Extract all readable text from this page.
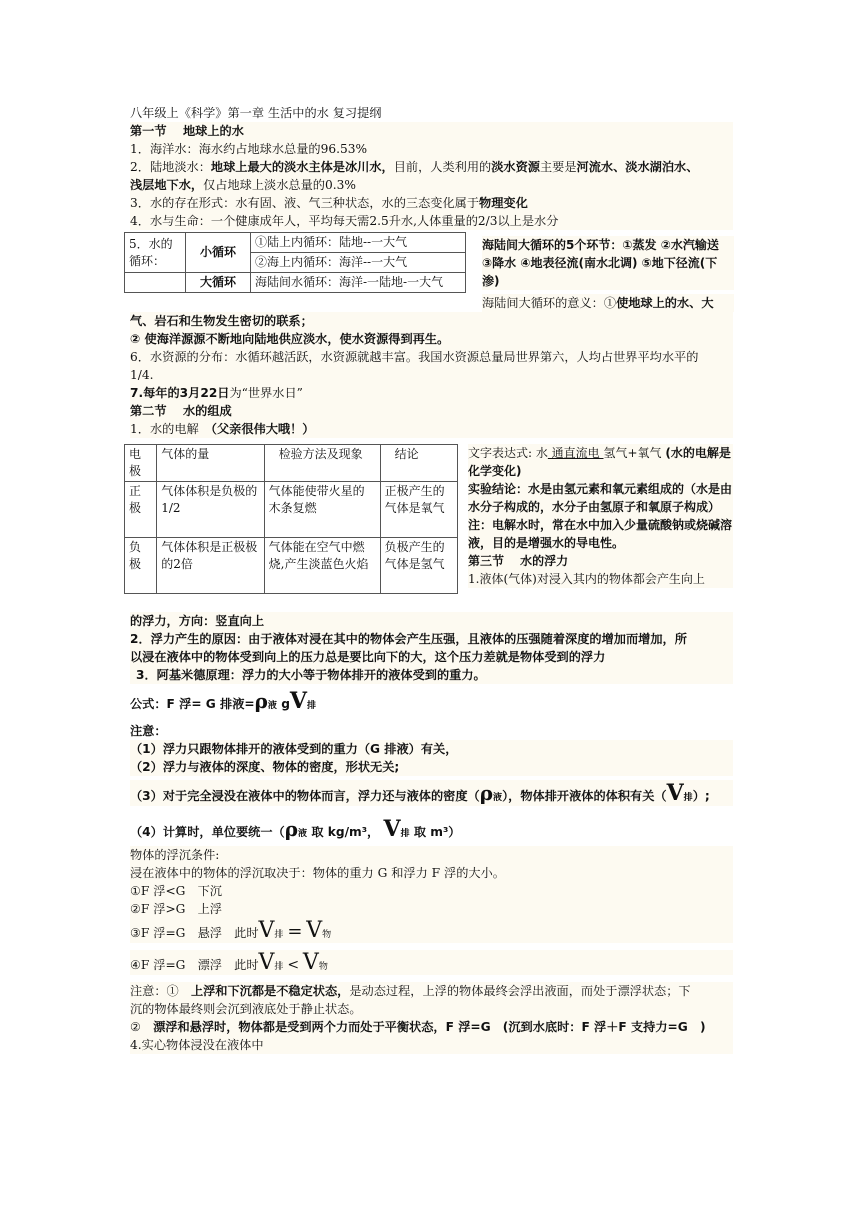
八年级上《科学》第一章 生活中的水 复习提纲
第一节　 地球上的水
1．海洋水：海水约占地球水总量的96.53%
2．陆地淡水：地球上最大的淡水主体是冰川水，目前，人类利用的淡水资源主要是河流水、淡水湖泊水、
浅层地下水，仅占地球上淡水总量的0.3%
3．水的存在形式：水有固、液、气三种状态，水的三态变化属于物理变化
4．水与生命：一个健康成年人，平均每天需2.5升水,人体重量的2/3以上是水分
5．水的循环：	小循环	①陆上内循环：陆地--一大气
		②海上内循环：海洋--一大气
	大循环	海陆间水循环：海洋-一陆地-一大气
海陆间大循环的5个环节：①蒸发 ②水汽输送　 ③降水 ④地表径流(南水北调) ⑤地下径流(下渗)
海陆间大循环的意义：①使地球上的水、大
气、岩石和生物发生密切的联系；
② 使海洋源源不断地向陆地供应淡水，使水资源得到再生。
6．水资源的分布：水循环越活跃，水资源就越丰富。我国水资源总量局世界第六，人均占世界平均水平的
1/4.
7.每年的3月22日为“世界水日”
第二节　 水的组成
1．水的电解　（父亲很伟大哦！）
电极	气体的量	检验方法及现象	结论
正极	气体体积是负极的1/2	气体能使带火星的木条复燃	正极产生的气体是氧气
负极	气体体积是正极极的2倍	气体能在空气中燃烧,产生淡蓝色火焰	负极产生的气体是氢气
文字表达式: 水 通直流电 氢气+氧气 (水的电解是化学变化)
实验结论：水是由氢元素和氧元素组成的（水是由水分子构成的，水分子由氢原子和氧原子构成）
注：电解水时，常在水中加入少量硫酸钠或烧碱溶液，目的是增强水的导电性。
第三节　 水的浮力
1.液体(气体)对浸入其内的物体都会产生向上
的浮力，方向：竖直向上
2．浮力产生的原因：由于液体对浸在其中的物体会产生压强，且液体的压强随着深度的增加而增加，所
以浸在液体中的物体受到向上的压力总是要比向下的大，这个压力差就是物体受到的浮力
3．阿基米德原理：浮力的大小等于物体排开的液体受到的重力。
公式：F 浮= G 排液=ρ液 gV排
注意：
（1）浮力只跟物体排开的液体受到的重力（G 排液）有关，
（2）浮力与液体的深度、物体的密度，形状无关;
（3）对于完全浸没在液体中的物体而言，浮力还与液体的密度（ρ液），物体排开液体的体积有关（V排）;
（4）计算时，单位要统一（ρ液 取 kg/m³， V排 取 m³）
物体的浮沉条件:
浸在液体中的物体的浮沉取决于：物体的重力 G 和浮力 F 浮的大小。
①F 浮<G　下沉
②F 浮>G　上浮
③F 浮=G　悬浮　此时V排 = V物
④F 浮=G　漂浮　此时V排 < V物
注意：①　上浮和下沉都是不稳定状态，是动态过程，上浮的物体最终会浮出液面，而处于漂浮状态；下
沉的物体最终则会沉到液底处于静止状态。
②　漂浮和悬浮时，物体都是受到两个力而处于平衡状态，F 浮=G　(沉到水底时：F 浮＋F 支持力=G　)
4.实心物体浸没在液体中
